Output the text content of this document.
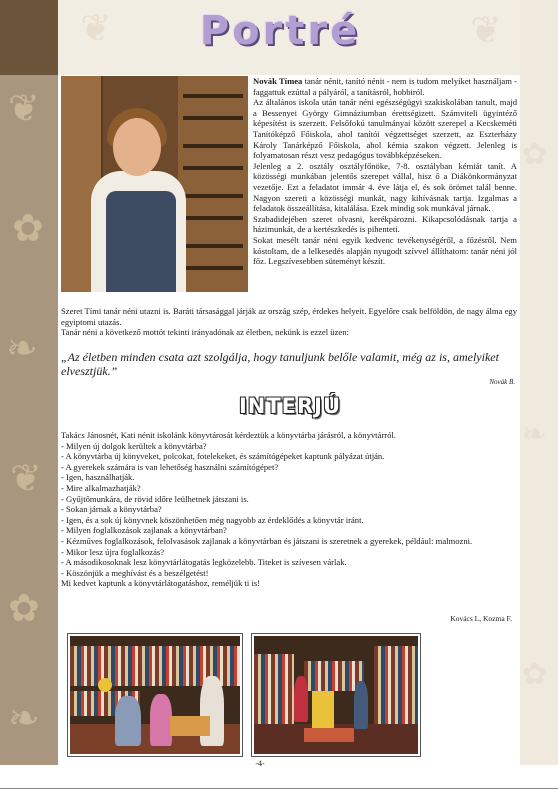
❦
✿
❧
❦
✿
❧
❦	❦
✿
❧
✿
Portré

Novák Tímea tanár nénit, tanító nénit - nem is tudom melyiket használjam - faggattuk ezúttal a pályáról, a tanításról, hobbiról.

Az általános iskola után tanár néni egészségügyi szakiskolában tanult, majd a Bessenyei György Gimnáziumban érettségizett. Számviteli ügyintéző képesítést is szerzett. Felsőfokú tanulmányai között szerepel a Kecskeméti Tanítóképző Főiskola, ahol tanítói végzettséget szerzett, az Eszterházy Károly Tanárképző Főiskola, ahol kémia szakon végzett. Jelenleg is folyamatosan részt vesz pedagógus továbbképzéseken.

Jelenleg a 2. osztály osztályfőnöke, 7-8. osztályban kémiát tanít. A közösségi munkában jelentős szerepet vállal, hisz ő a Diákönkormányzat vezetője. Ezt a feladatot immár 4. éve látja el, és sok örömet talál benne. Nagyon szereti a közösségi munkát, nagy kihívásnak tartja. Izgalmas a feladatok összeállítása, kitalálása. Ezek mindig sok munkával járnak.

Szabadidejében szeret olvasni, kerékpározni. Kikapcsolódásnak tartja a házimunkát, de a kertészkedés is pihenteti.

Sokat mesélt tanár néni egyik kedvenc tevékenységéről, a főzésről. Nem kóstoltam, de a lelkesedés alapján nyugodt szívvel állíthatom: tanár néni jól főz. Legszívesebben süteményt készít.

Szeret Tími tanár néni utazni is. Baráti társasággal járják az ország szép, érdekes helyeit. Egyelőre csak belföldön, de nagy álma egy egyiptomi utazás.

Tanár néni a következő mottót tekinti irányadónak az életben, nekünk is ezzel üzen:

„Az életben minden csata azt szolgálja, hogy tanuljunk belőle valamit, még az is, amelyiket elvesztjük.”
Novák B.
INTERJÚ

Takács Jánosnét, Kati nénit iskolánk könyvtárosát kérdeztük a könyvtárba járásról, a könyvtárról.

- Milyen új dolgok kerültek a könyvtárba?

- A könyvtárba új könyveket, polcokat, fotelekeket, és számítógépeket kaptunk pályázat útján.

- A gyerekek számára is van lehetőség használni számítógépet?

- Igen, használhatják.

- Mire alkalmazhatják?

- Gyűjtőmunkára, de rövid időre leülhetnek játszani is.

- Sokan járnak a könyvtárba?

- Igen, és a sok új könyvnek köszönhetően még nagyobb az érdeklődés a könyvtár iránt.

- Milyen foglalkozások zajlanak a könyvtárban?

- Kézműves foglalkozások, felolvasások zajlanak a könyvtárban és játszani is szeretnek a gyerekek, például: malmozni.

- Mikor lesz újra foglalkozás?

- A másodikosoknak lesz könyvtárlátogatás legközelebb. Titeket is szívesen várlak.

- Köszönjük a meghívást és a beszélgetést!

Mi kedvet kaptunk a könyvtárlátogatáshoz, reméljük ti is!

Kovács L, Kozma F.
-4-
